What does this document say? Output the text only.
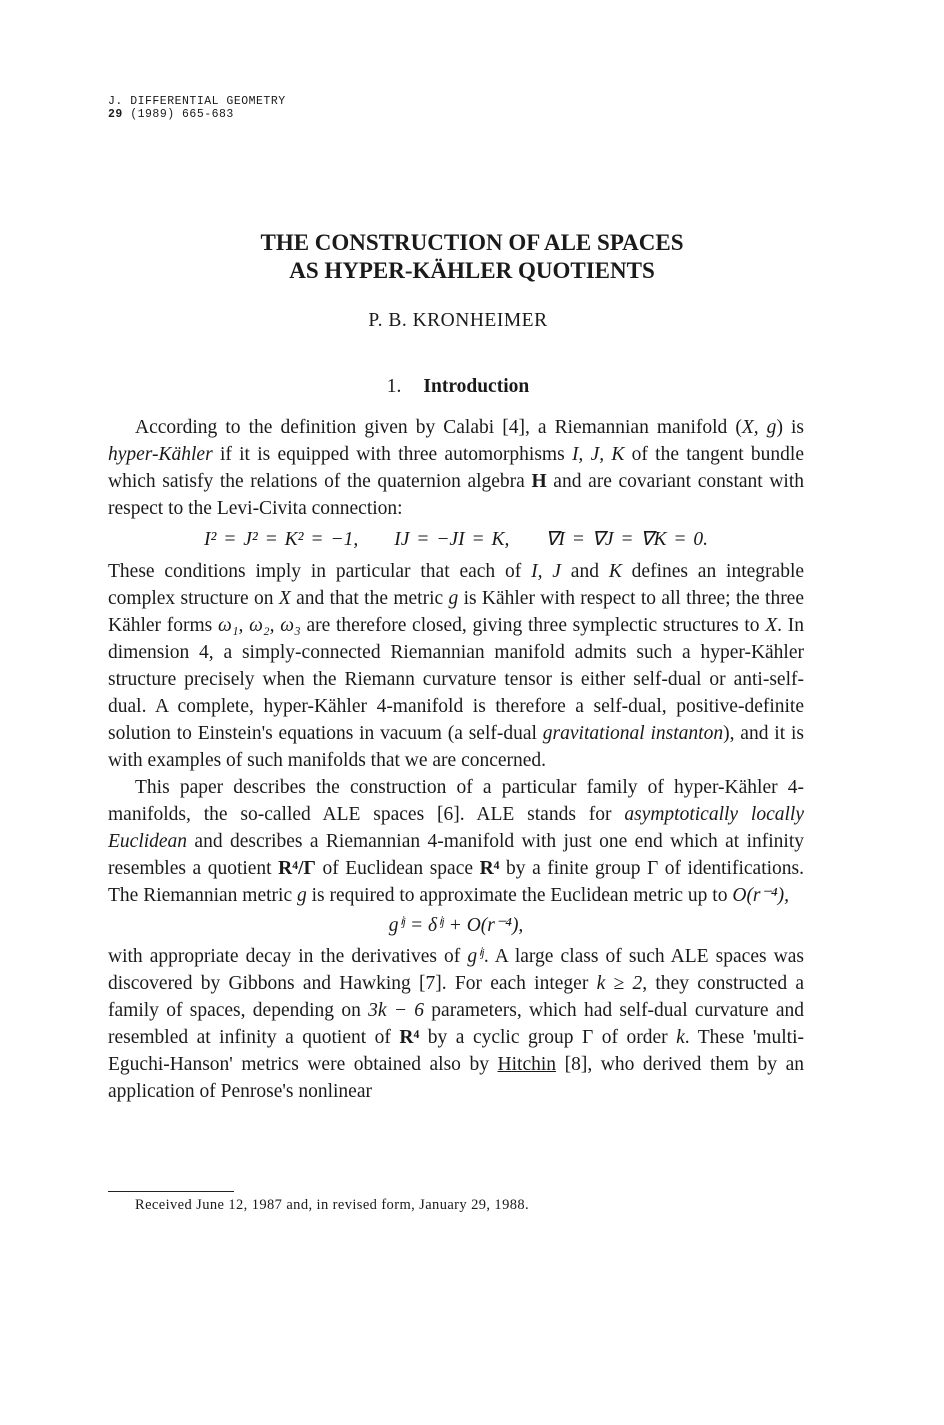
J. DIFFERENTIAL GEOMETRY
29 (1989) 665-683
THE CONSTRUCTION OF ALE SPACES
AS HYPER-KÄHLER QUOTIENTS
P. B. KRONHEIMER
1. Introduction

According to the definition given by Calabi [4], a Riemannian manifold (X, g) is hyper-Kähler if it is equipped with three automorphisms I, J, K of the tangent bundle which satisfy the relations of the quaternion algebra H and are covariant constant with respect to the Levi-Civita connection:

I² = J² = K² = −1, IJ = −JI = K, ∇I = ∇J = ∇K = 0.

These conditions imply in particular that each of I, J and K defines an integrable complex structure on X and that the metric g is Kähler with respect to all three; the three Kähler forms ω₁, ω₂, ω₃ are therefore closed, giving three symplectic structures to X. In dimension 4, a simply-connected Riemannian manifold admits such a hyper-Kähler structure precisely when the Riemann curvature tensor is either self-dual or anti-self-dual. A complete, hyper-Kähler 4-manifold is therefore a self-dual, positive-definite solution to Einstein's equations in vacuum (a self-dual gravitational instanton), and it is with examples of such manifolds that we are concerned.

This paper describes the construction of a particular family of hyper-Kähler 4-manifolds, the so-called ALE spaces [6]. ALE stands for asymptotically locally Euclidean and describes a Riemannian 4-manifold with just one end which at infinity resembles a quotient R⁴/Γ of Euclidean space R⁴ by a finite group Γ of identifications. The Riemannian metric g is required to approximate the Euclidean metric up to O(r⁻⁴),

gⁱʲ = δⁱʲ + O(r⁻⁴),

with appropriate decay in the derivatives of gⁱʲ. A large class of such ALE spaces was discovered by Gibbons and Hawking [7]. For each integer k ≥ 2, they constructed a family of spaces, depending on 3k − 6 parameters, which had self-dual curvature and resembled at infinity a quotient of R⁴ by a cyclic group Γ of order k. These 'multi-Eguchi-Hanson' metrics were obtained also by Hitchin [8], who derived them by an application of Penrose's nonlinear

Received June 12, 1987 and, in revised form, January 29, 1988.
